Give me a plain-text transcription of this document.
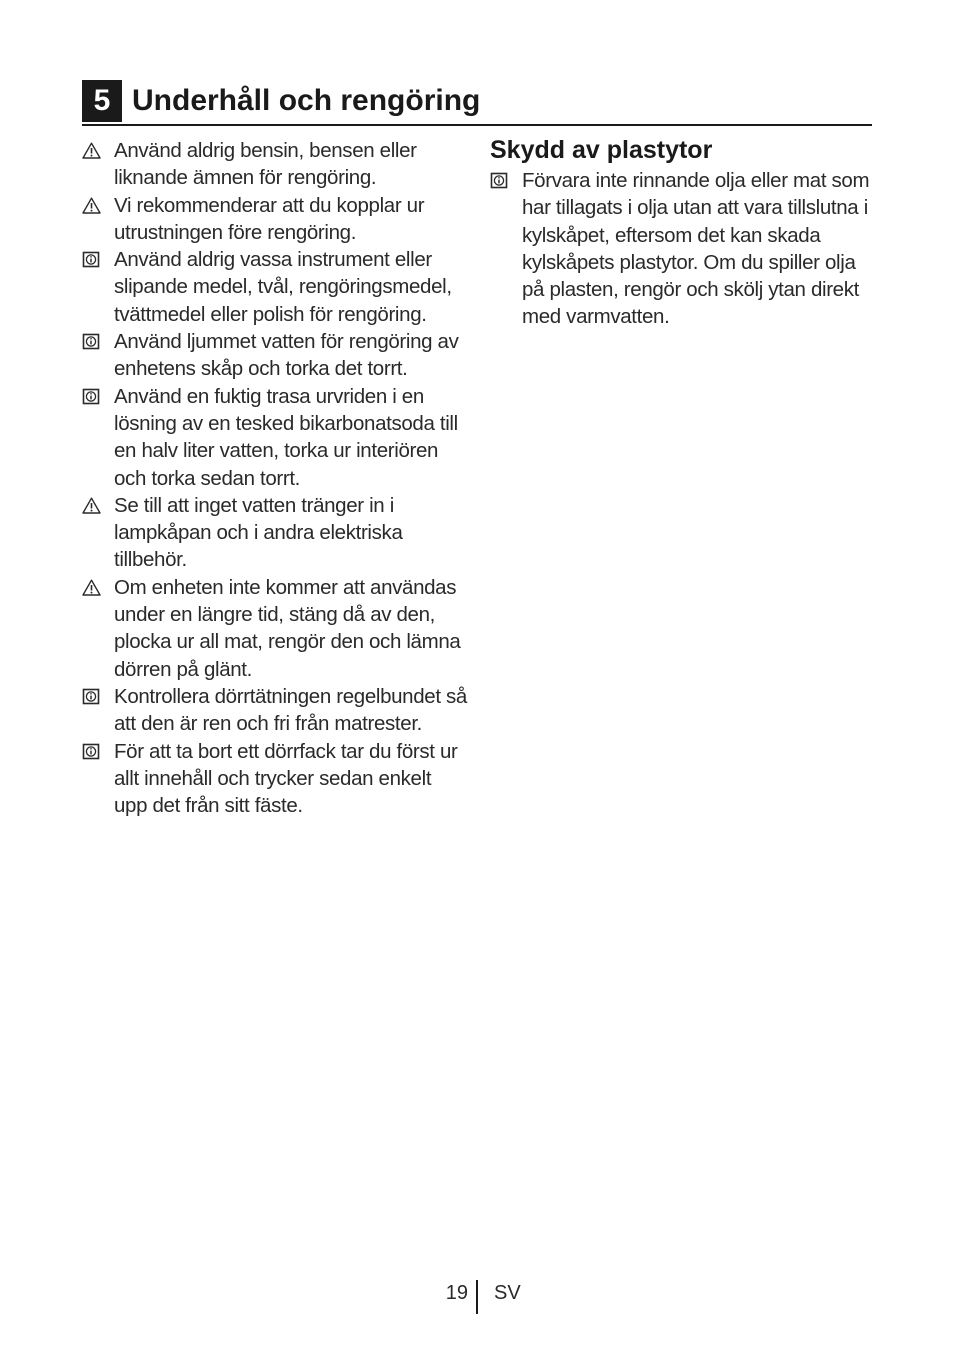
5 Underhåll och rengöring
Använd aldrig bensin, bensen eller liknande ämnen för rengöring.
Vi rekommenderar att du kopplar ur utrustningen före rengöring.
Använd aldrig vassa instrument eller slipande medel, tvål, rengöringsmedel, tvättmedel eller polish för rengöring.
Använd ljummet vatten för rengöring av enhetens skåp och torka det torrt.
Använd en fuktig trasa urvriden i en lösning av en tesked bikarbonatsoda till en halv liter vatten, torka ur interiören och torka sedan torrt.
Se till att inget vatten tränger in i lampkåpan och i andra elektriska tillbehör.
Om enheten inte kommer att användas under en längre tid, stäng då av den, plocka ur all mat, rengör den och lämna dörren på glänt.
Kontrollera dörrtätningen regelbundet så att den är ren och fri från matrester.
För att ta bort ett dörrfack tar du först ur allt innehåll och trycker sedan enkelt upp det från sitt fäste.
Skydd av plastytor
Förvara inte rinnande olja eller mat som har tillagats i olja utan att vara tillslutna i kylskåpet, eftersom det kan skada kylskåpets plastytor. Om du spiller olja på plasten, rengör och skölj ytan direkt med varmvatten.
19 SV
